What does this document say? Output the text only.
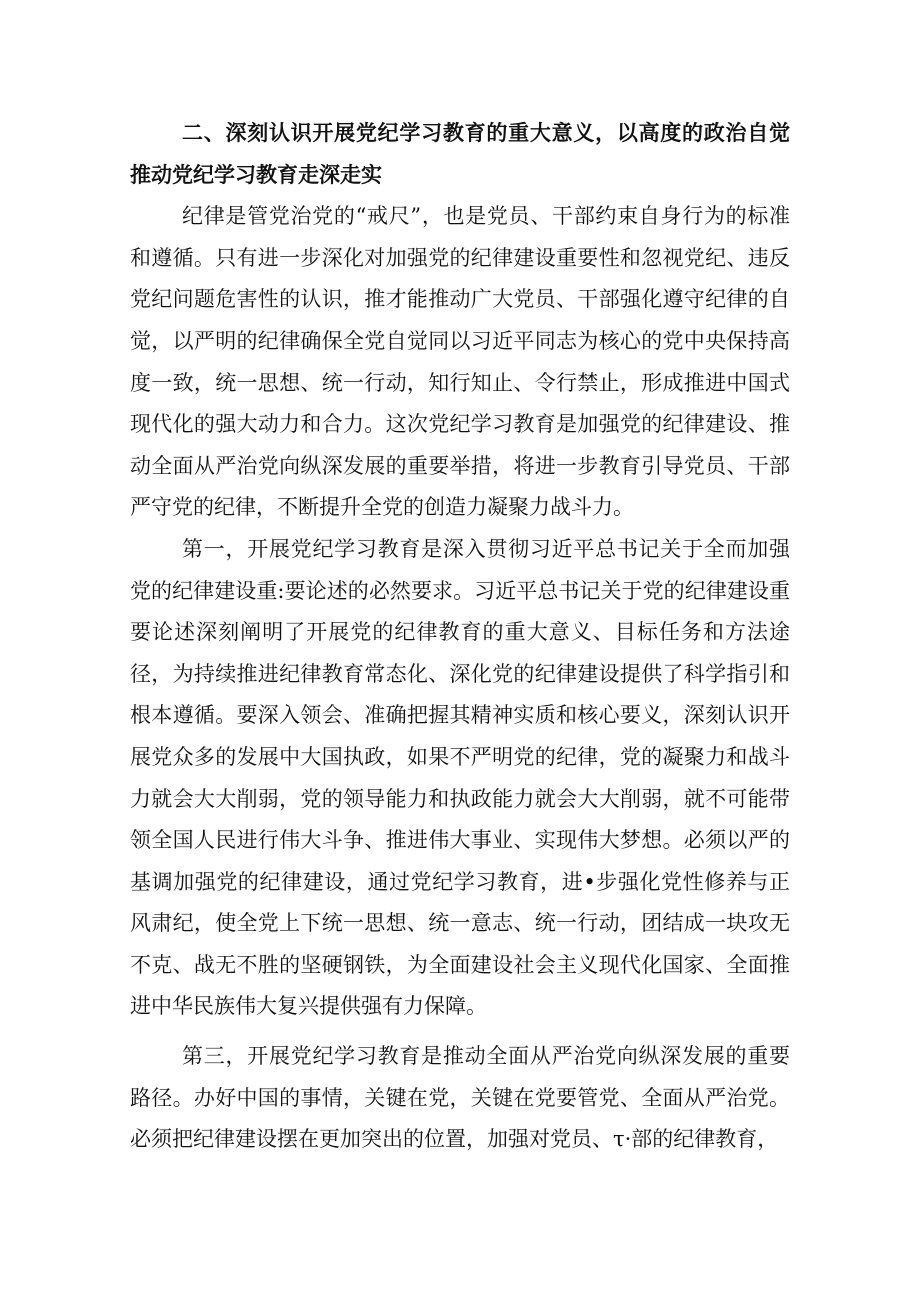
二、深刻认识开展党纪学习教育的重大意义，以高度的政治自觉推动党纪学习教育走深走实

纪律是管党治党的“戒尺”，也是党员、干部约束自身行为的标准和遵循。只有进一步深化对加强党的纪律建设重要性和忽视党纪、违反党纪问题危害性的认识，推才能推动广大党员、干部强化遵守纪律的自觉，以严明的纪律确保全党自觉同以习近平同志为核心的党中央保持高度一致，统一思想、统一行动，知行知止、令行禁止，形成推进中国式现代化的强大动力和合力。这次党纪学习教育是加强党的纪律建设、推动全面从严治党向纵深发展的重要举措，将进一步教育引导党员、干部严守党的纪律，不断提升全党的创造力凝聚力战斗力。

第一，开展党纪学习教育是深入贯彻习近平总书记关于全而加强党的纪律建设重:要论述的必然要求。习近平总书记关于党的纪律建设重要论述深刻阐明了开展党的纪律教育的重大意义、目标任务和方法途径，为持续推进纪律教育常态化、深化党的纪律建设提供了科学指引和根本遵循。要深入领会、准确把握其精神实质和核心要义，深刻认识开展党众多的发展中大国执政，如果不严明党的纪律，党的凝聚力和战斗力就会大大削弱，党的领导能力和执政能力就会大大削弱，就不可能带领全国人民进行伟大斗争、推进伟大事业、实现伟大梦想。必须以严的基调加强党的纪律建设，通过党纪学习教育，进•步强化党性修养与正风肃纪，使全党上下统一思想、统一意志、统一行动，团结成一块攻无不克、战无不胜的坚硬钢铁，为全面建设社会主义现代化国家、全面推进中华民族伟大复兴提供强有力保障。

第三，开展党纪学习教育是推动全面从严治党向纵深发展的重要路径。办好中国的事情，关键在党，关键在党要管党、全面从严治党。必须把纪律建设摆在更加突出的位置，加强对党员、τ·部的纪律教育，
